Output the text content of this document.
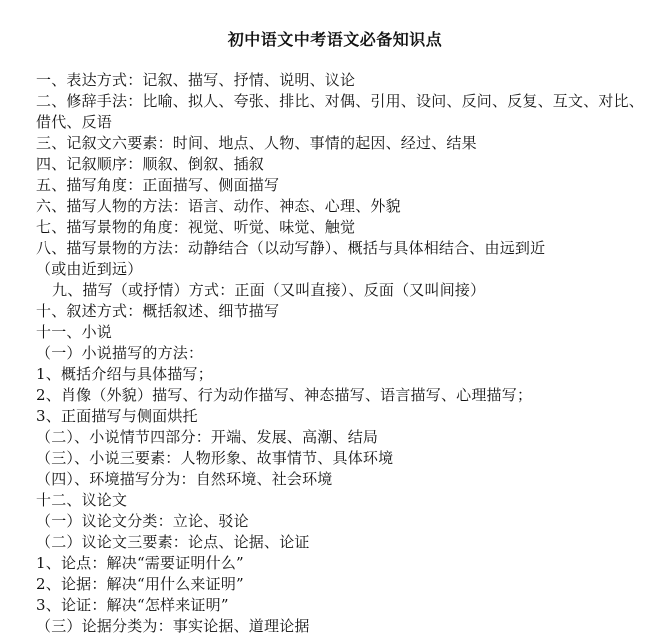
初中语文中考语文必备知识点
一、表达方式：记叙、描写、抒情、说明、议论
二、修辞手法：比喻、拟人、夸张、排比、对偶、引用、设问、反问、反复、互文、对比、
借代、反语
三、记叙文六要素：时间、地点、人物、事情的起因、经过、结果
四、记叙顺序：顺叙、倒叙、插叙
五、描写角度：正面描写、侧面描写
六、描写人物的方法：语言、动作、神态、心理、外貌
七、描写景物的角度：视觉、听觉、味觉、触觉
八、描写景物的方法：动静结合（以动写静）、概括与具体相结合、由远到近
（或由近到远）
九、描写（或抒情）方式：正面（又叫直接）、反面（又叫间接）
十、叙述方式：概括叙述、细节描写
十一、小说
（一）小说描写的方法：
1、概括介绍与具体描写；
2、肖像（外貌）描写、行为动作描写、神态描写、语言描写、心理描写；
3、正面描写与侧面烘托
（二）、小说情节四部分：开端、发展、高潮、结局
（三）、小说三要素：人物形象、故事情节、具体环境
（四）、环境描写分为：自然环境、社会环境
十二、议论文
（一）议论文分类：立论、驳论
（二）议论文三要素：论点、论据、论证
1、论点：解决“需要证明什么”
2、论据：解决“用什么来证明”
3、论证：解决“怎样来证明”
（三）论据分类为：事实论据、道理论据
